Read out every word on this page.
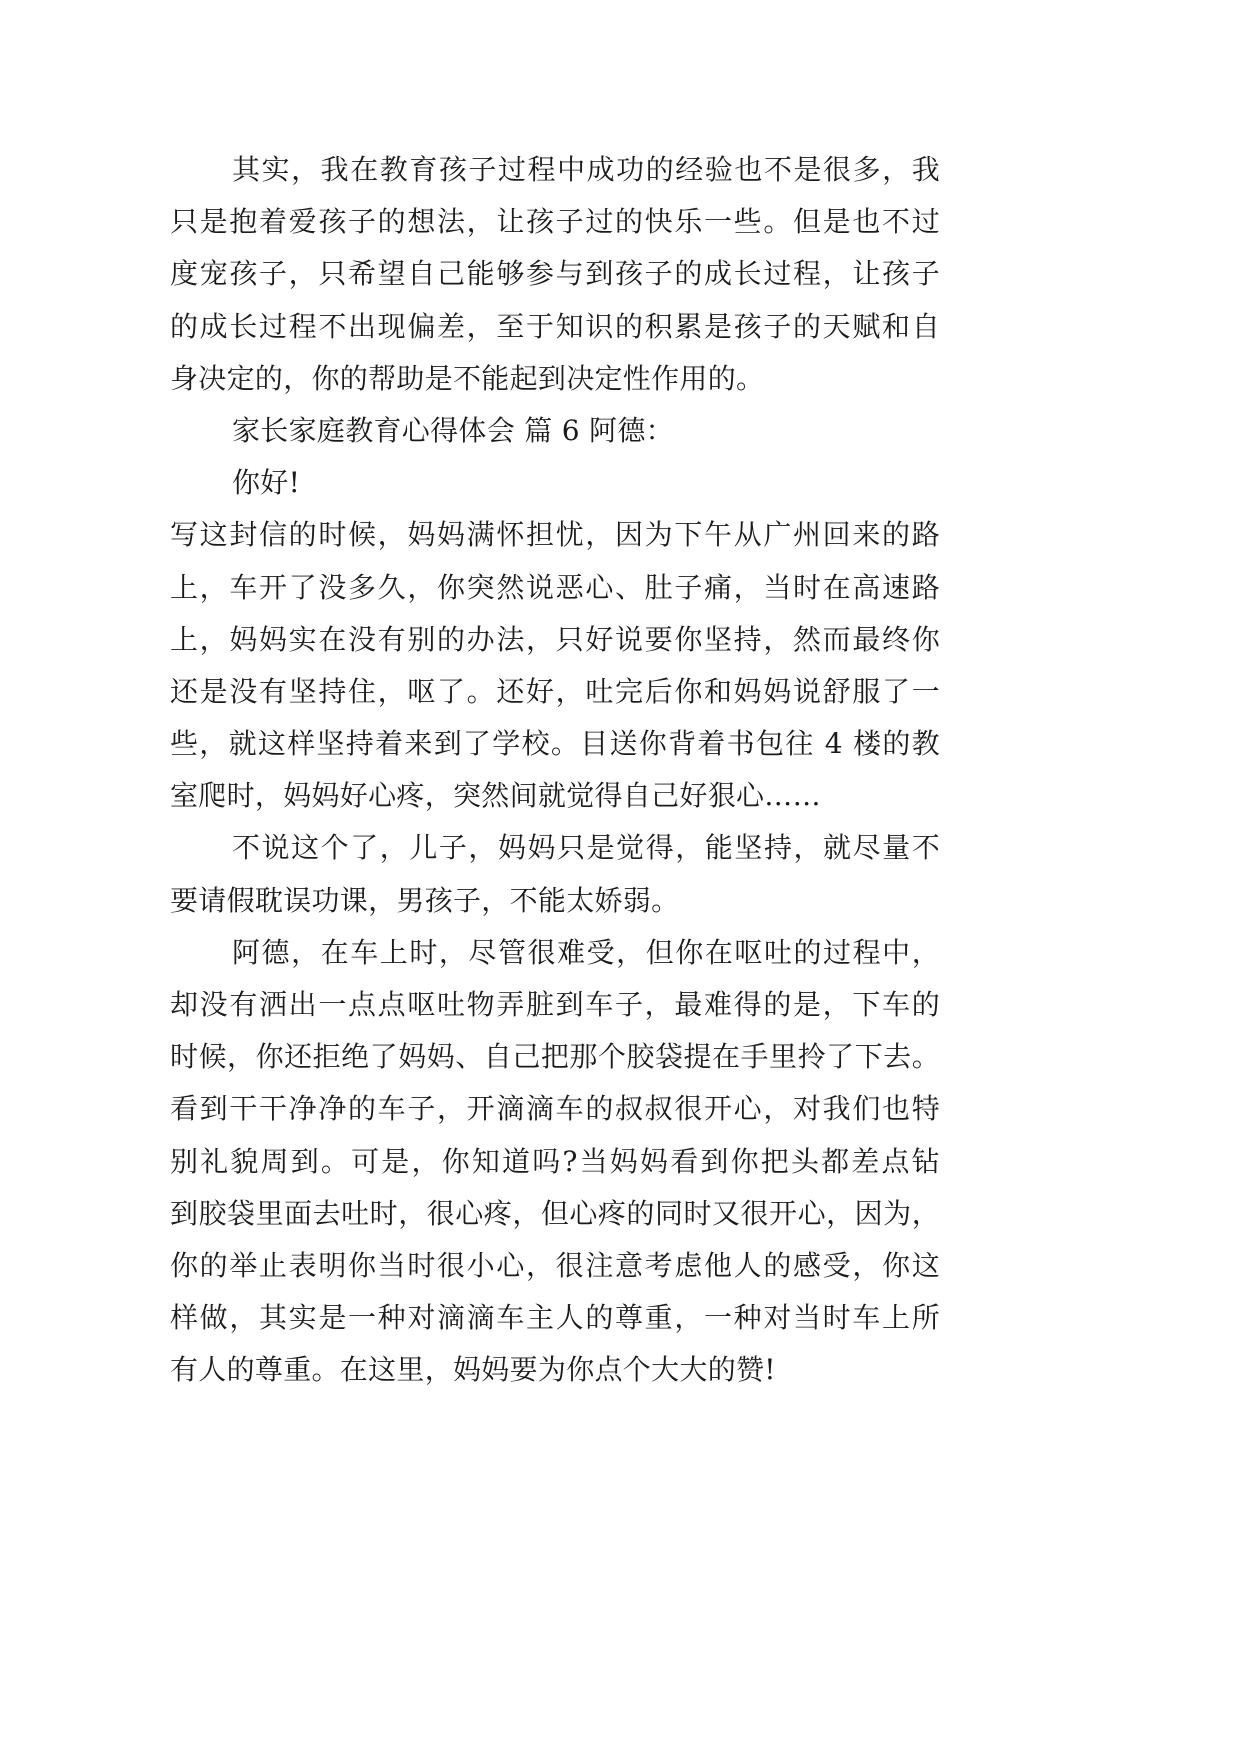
其实，我在教育孩子过程中成功的经验也不是很多，我
只是抱着爱孩子的想法，让孩子过的快乐一些。但是也不过
度宠孩子，只希望自己能够参与到孩子的成长过程，让孩子
的成长过程不出现偏差，至于知识的积累是孩子的天赋和自
身决定的，你的帮助是不能起到决定性作用的。
家长家庭教育心得体会 篇 6 阿德：
你好!
写这封信的时候，妈妈满怀担忧，因为下午从广州回来的路
上，车开了没多久，你突然说恶心、肚子痛，当时在高速路
上，妈妈实在没有别的办法，只好说要你坚持，然而最终你
还是没有坚持住，呕了。还好，吐完后你和妈妈说舒服了一
些，就这样坚持着来到了学校。目送你背着书包往 4 楼的教
室爬时，妈妈好心疼，突然间就觉得自己好狠心……
不说这个了，儿子，妈妈只是觉得，能坚持，就尽量不
要请假耽误功课，男孩子，不能太娇弱。
阿德，在车上时，尽管很难受，但你在呕吐的过程中，
却没有洒出一点点呕吐物弄脏到车子，最难得的是，下车的
时候，你还拒绝了妈妈、自己把那个胶袋提在手里拎了下去。
看到干干净净的车子，开滴滴车的叔叔很开心，对我们也特
别礼貌周到。可是，你知道吗?当妈妈看到你把头都差点钻
到胶袋里面去吐时，很心疼，但心疼的同时又很开心，因为，
你的举止表明你当时很小心，很注意考虑他人的感受，你这
样做，其实是一种对滴滴车主人的尊重，一种对当时车上所
有人的尊重。在这里，妈妈要为你点个大大的赞!
